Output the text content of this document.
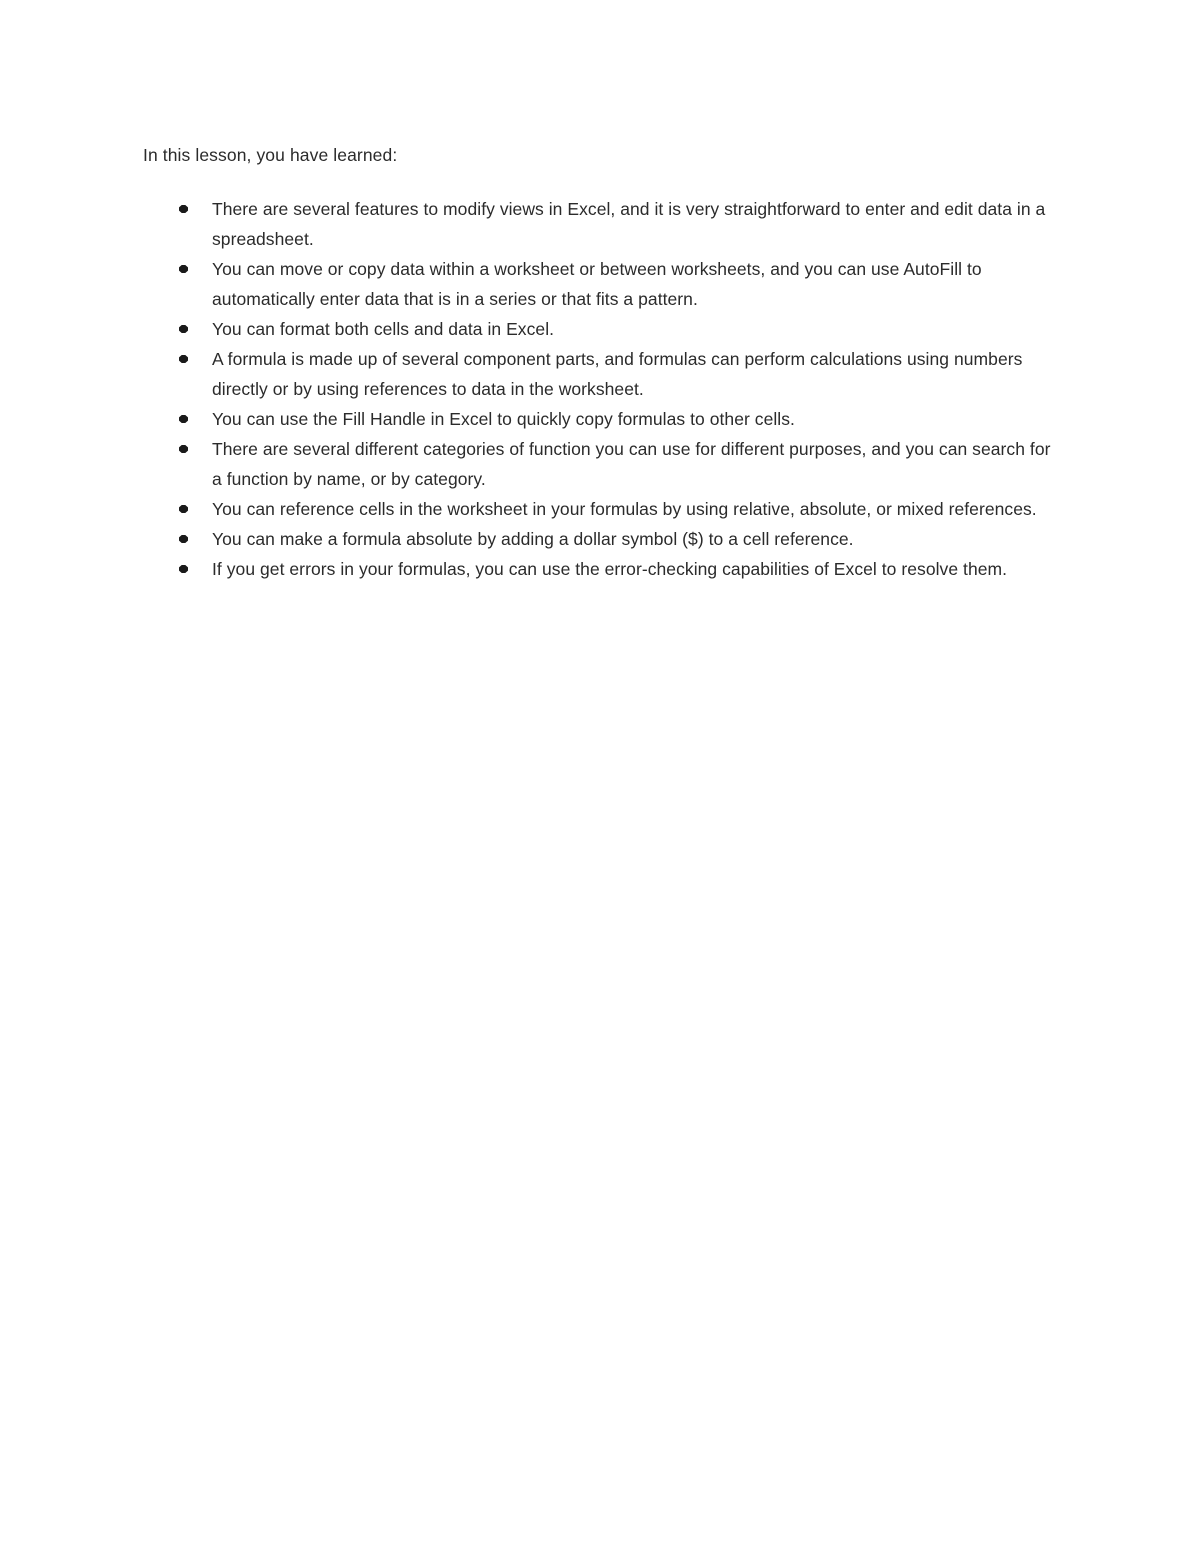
In this lesson, you have learned:

There are several features to modify views in Excel, and it is very straightforward to enter and edit data in a spreadsheet.
You can move or copy data within a worksheet or between worksheets, and you can use AutoFill to automatically enter data that is in a series or that fits a pattern.
You can format both cells and data in Excel.
A formula is made up of several component parts, and formulas can perform calculations using numbers directly or by using references to data in the worksheet.
You can use the Fill Handle in Excel to quickly copy formulas to other cells.
There are several different categories of function you can use for different purposes, and you can search for a function by name, or by category.
You can reference cells in the worksheet in your formulas by using relative, absolute, or mixed references.
You can make a formula absolute by adding a dollar symbol ($) to a cell reference.
If you get errors in your formulas, you can use the error-checking capabilities of Excel to resolve them.
